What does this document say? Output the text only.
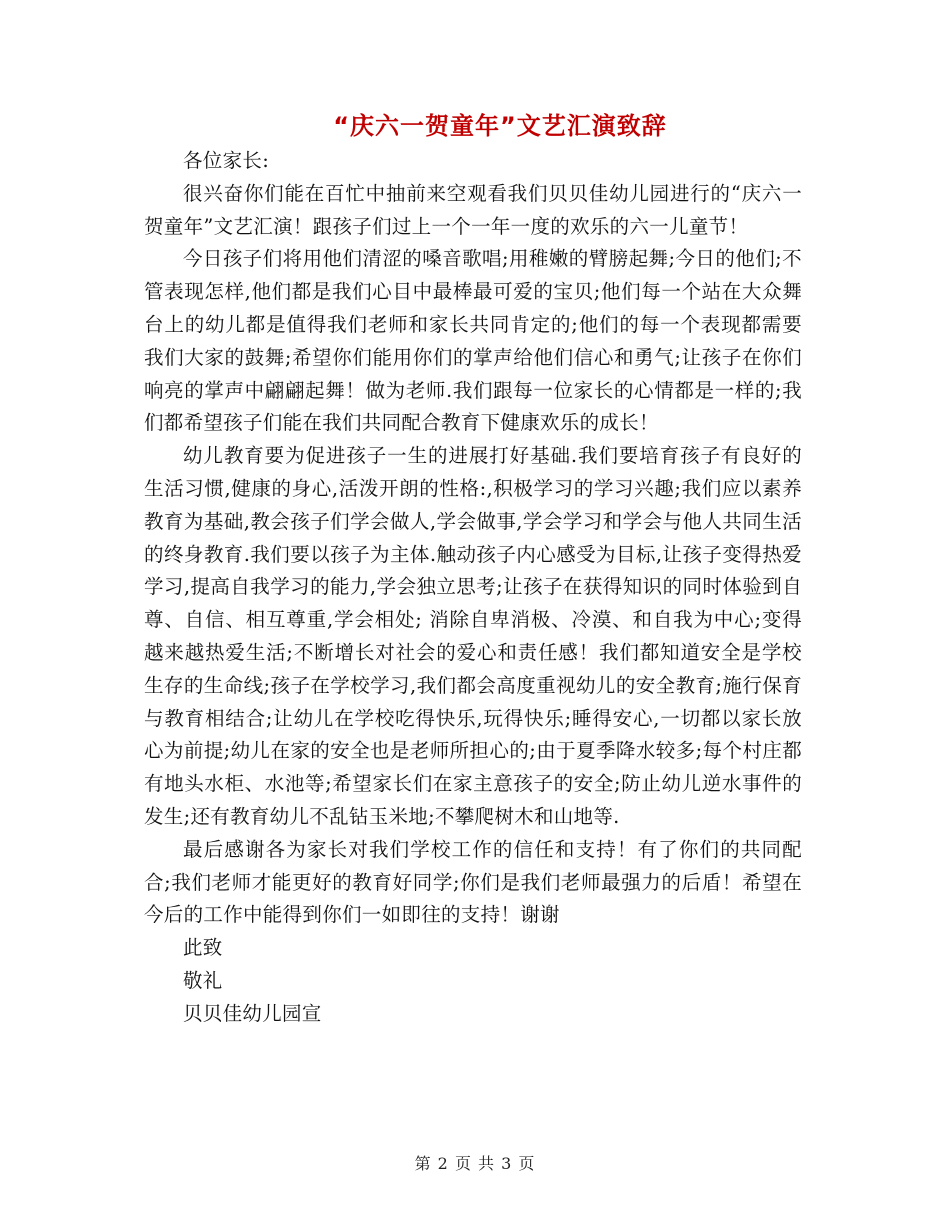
“庆六一贺童年”文艺汇演致辞

各位家长:

很兴奋你们能在百忙中抽前来空观看我们贝贝佳幼儿园进行的“庆六一贺童年”文艺汇演！跟孩子们过上一个一年一度的欢乐的六一儿童节！

今日孩子们将用他们清涩的嗓音歌唱;用稚嫩的臂膀起舞;今日的他们;不管表现怎样,他们都是我们心目中最棒最可爱的宝贝;他们每一个站在大众舞台上的幼儿都是值得我们老师和家长共同肯定的;他们的每一个表现都需要我们大家的鼓舞;希望你们能用你们的掌声给他们信心和勇气;让孩子在你们响亮的掌声中翩翩起舞！做为老师.我们跟每一位家长的心情都是一样的;我们都希望孩子们能在我们共同配合教育下健康欢乐的成长！

幼儿教育要为促进孩子一生的进展打好基础.我们要培育孩子有良好的生活习惯,健康的身心,活泼开朗的性格:,积极学习的学习兴趣;我们应以素养教育为基础,教会孩子们学会做人,学会做事,学会学习和学会与他人共同生活的终身教育.我们要以孩子为主体.触动孩子内心感受为目标,让孩子变得热爱学习,提高自我学习的能力,学会独立思考;让孩子在获得知识的同时体验到自尊、自信、相互尊重,学会相处; 消除自卑消极、冷漠、和自我为中心;变得越来越热爱生活;不断增长对社会的爱心和责任感！我们都知道安全是学校生存的生命线;孩子在学校学习,我们都会高度重视幼儿的安全教育;施行保育与教育相结合;让幼儿在学校吃得快乐,玩得快乐;睡得安心,一切都以家长放心为前提;幼儿在家的安全也是老师所担心的;由于夏季降水较多;每个村庄都有地头水柜、水池等;希望家长们在家主意孩子的安全;防止幼儿逆水事件的发生;还有教育幼儿不乱钻玉米地;不攀爬树木和山地等.

最后感谢各为家长对我们学校工作的信任和支持！有了你们的共同配合;我们老师才能更好的教育好同学;你们是我们老师最强力的后盾！希望在今后的工作中能得到你们一如即往的支持！谢谢

此致

敬礼

贝贝佳幼儿园宣

第 2 页 共 3 页
